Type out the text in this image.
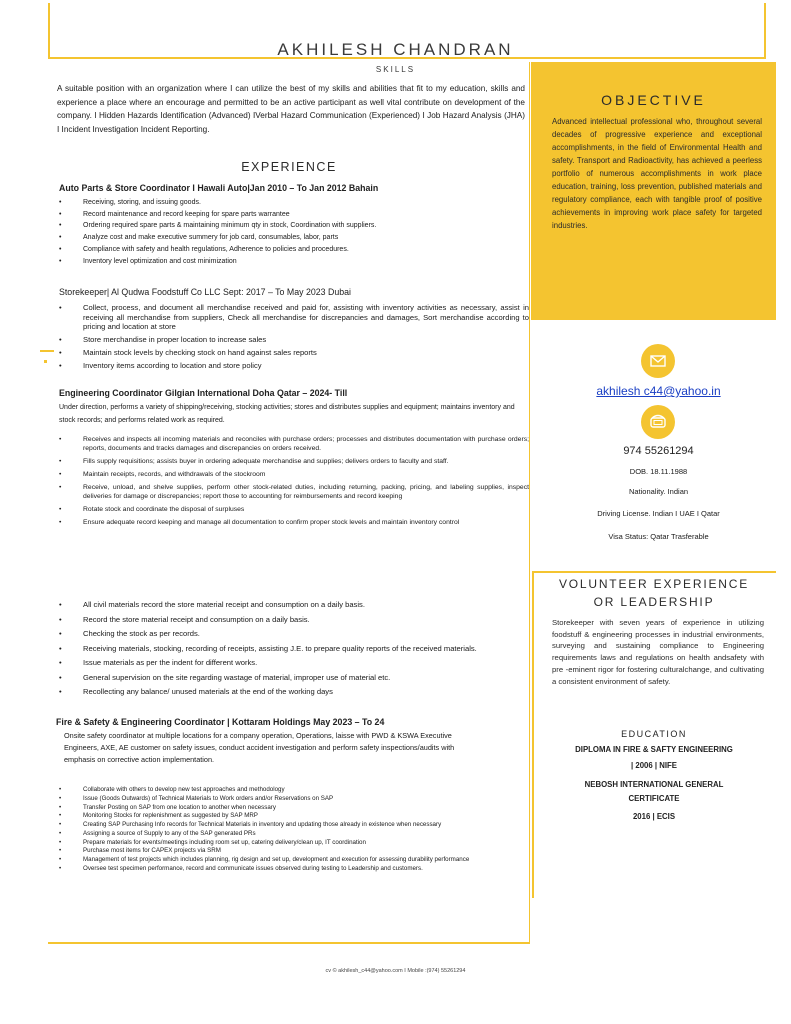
AKHILESH CHANDRAN
SKILLS
A suitable position with an organization where I can utilize the best of my skills and abilities that fit to my education, skills and experience a place where an encourage and permitted to be an active participant as well vital contribute on development of the company. I Hidden Hazards Identification (Advanced) IVerbal Hazard Communication (Experienced) I Job Hazard Analysis (JHA) I Incident Investigation Incident Reporting.
EXPERIENCE
Auto Parts & Store Coordinator I Hawali Auto|Jan 2010 – To Jan 2012 Bahain
• Receiving, storing, and issuing goods.
• Record maintenance and record keeping for spare parts warrantee
• Ordering required spare parts & maintaining minimum qty in stock, Coordination with suppliers.
• Analyze cost and make executive summery for job card, consumables, labor, parts
• Compliance with safety and health regulations, Adherence to policies and procedures.
• Inventory level optimization and cost minimization
Storekeeper| Al Qudwa Foodstuff Co LLC Sept: 2017 – To May 2023 Dubai
• Collect, process, and document all merchandise received and paid for, assisting with inventory activities as necessary, assist in receiving all merchandise from suppliers, Check all merchandise for discrepancies and damages, Sort merchandise according to pricing and location at store
• Store merchandise in proper location to increase sales
• Maintain stock levels by checking stock on hand against sales reports
• Inventory items according to location and store policy
Engineering Coordinator Gilgian International Doha Qatar – 2024- Till
Under direction, performs a variety of shipping/receiving, stocking activities; stores and distributes supplies and equipment; maintains inventory and stock records; and performs related work as required.
• Receives and inspects all incoming materials and reconciles with purchase orders; processes and distributes documentation with purchase orders; reports, documents and tracks damages and discrepancies on orders received.
• Fills supply requisitions; assists buyer in ordering adequate merchandise and supplies; delivers orders to faculty and staff.
• Maintain receipts, records, and withdrawals of the stockroom
• Receive, unload, and shelve supplies, perform other stock-related duties, including returning, packing, pricing, and labeling supplies, inspect deliveries for damage or discrepancies; report those to accounting for reimbursements and record keeping
• Rotate stock and coordinate the disposal of surpluses
• Ensure adequate record keeping and manage all documentation to confirm proper stock levels and maintain inventory control
• All civil materials record the store material receipt and consumption on a daily basis.
• Record the store material receipt and consumption on a daily basis.
• Checking the stock as per records.
• Receiving materials, stocking, recording of receipts, assisting J.E. to prepare quality reports of the received materials.
• Issue materials as per the indent for different works.
• General supervision on the site regarding wastage of material, improper use of material etc.
• Recollecting any balance/ unused materials at the end of the working days
Fire & Safety & Engineering Coordinator | Kottaram Holdings May 2023 – To 24
Onsite safety coordinator at multiple locations for a company operation, Operations, laisse with PWD & KSWA Executive Engineers, AXE, AE customer on safety issues, conduct accident investigation and perform safety inspections/audits with emphasis on corrective action implementation.
• Collaborate with others to develop new test approaches and methodology
• Issue (Goods Outwards) of Technical Materials to Work orders and/or Reservations on SAP
• Transfer Posting on SAP from one location to another when necessary
• Monitoring Stocks for replenishment as suggested by SAP MRP
• Creating SAP Purchasing Info records for Technical Materials in inventory and updating those already in existence when necessary
• Assigning a source of Supply to any of the SAP generated PRs
• Prepare materials for events/meetings including room set up, catering delivery/clean up, IT coordination
• Purchase most items for CAPEX projects via SRM
• Management of test projects which includes planning, rig design and set up, development and execution for assessing durability performance
• Oversee test specimen performance, record and communicate issues observed during testing to Leadership and customers.
OBJECTIVE
Advanced intellectual professional who, throughout several decades of progressive experience and exceptional accomplishments, in the field of Environmental Health and safety. Transport and Radioactivity, has achieved a peerless portfolio of numerous accomplishments in work place education, training, loss prevention, published materials and regulatory compliance, each with tangible proof of positive achievements in improving work place safety for targeted industries.
akhilesh c44@yahoo.in
974 55261294
DOB. 18.11.1988
Nationality. Indian
Driving License. Indian I UAE I Qatar
Visa Status: Qatar Trasferable
VOLUNTEER EXPERIENCE
OR LEADERSHIP
Storekeeper with seven years of experience in utilizing foodstuff & engineering processes in industrial environments, surveying and sustaining compliance to Engineering requirements laws and regulations on health andsafety with pre -eminent rigor for fostering culturalchange, and cultivating a consistent environment of safety.
EDUCATION
DIPLOMA IN FIRE & SAFTY ENGINEERING
| 2006 | NIFE
NEBOSH INTERNATIONAL GENERAL
CERTIFICATE
2016 | ECIS
cv © akhilesh_c44@yahoo.com I Mobile :(974) 55261294
